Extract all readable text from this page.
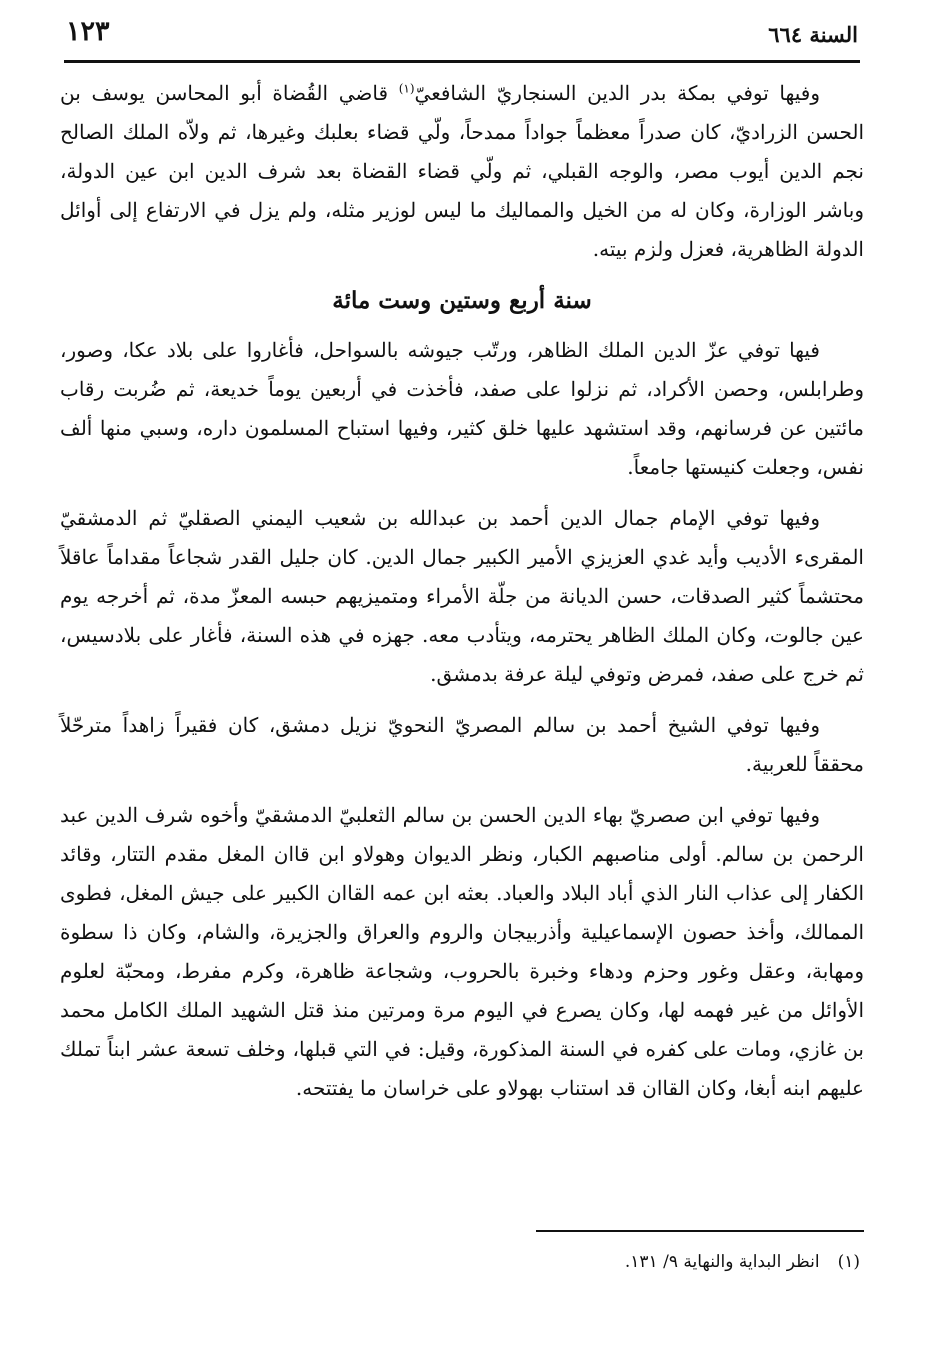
السنة ٦٦٤
١٢٣

وفيها توفي بمكة بدر الدين السنجاريّ الشافعيّ$^{(١)}$ قاضي القُضاة أبو المحاسن يوسف بن الحسن الزراديّ، كان صدراً معظماً جواداً ممدحاً، ولّي قضاء بعلبك وغيرها، ثم ولاّه الملك الصالح نجم الدين أيوب مصر، والوجه القبلي، ثم ولّي قضاء القضاة بعد شرف الدين ابن عين الدولة، وباشر الوزارة، وكان له من الخيل والمماليك ما ليس لوزير مثله، ولم يزل في الارتفاع إلى أوائل الدولة الظاهرية، فعزل ولزم بيته.

سنة أربع وستين وست مائة

فيها توفي عزّ الدين الملك الظاهر، ورتّب جيوشه بالسواحل، فأغاروا على بلاد عكا، وصور، وطرابلس، وحصن الأكراد، ثم نزلوا على صفد، فأخذت في أربعين يوماً خديعة، ثم ضُربت رقاب مائتين عن فرسانهم، وقد استشهد عليها خلق كثير، وفيها استباح المسلمون داره، وسبي منها ألف نفس، وجعلت كنيستها جامعاً.

وفيها توفي الإمام جمال الدين أحمد بن عبدالله بن شعيب اليمني الصقليّ ثم الدمشقيّ المقرىء الأديب وأيد غدي العزيزي الأمير الكبير جمال الدين. كان جليل القدر شجاعاً مقداماً عاقلاً محتشماً كثير الصدقات، حسن الديانة من جلّة الأمراء ومتميزيهم حبسه المعزّ مدة، ثم أخرجه يوم عين جالوت، وكان الملك الظاهر يحترمه، ويتأدب معه. جهزه في هذه السنة، فأغار على بلادسيس، ثم خرج على صفد، فمرض وتوفي ليلة عرفة بدمشق.

وفيها توفي الشيخ أحمد بن سالم المصريّ النحويّ نزيل دمشق، كان فقيراً زاهداً مترحّلاً محققاً للعربية.

وفيها توفي ابن صصريّ بهاء الدين الحسن بن سالم الثعلبيّ الدمشقيّ وأخوه شرف الدين عبد الرحمن بن سالم. أولى مناصبهم الكبار، ونظر الديوان وهولاو ابن قاان المغل مقدم التتار، وقائد الكفار إلى عذاب النار الذي أباد البلاد والعباد. بعثه ابن عمه القاان الكبير على جيش المغل، فطوى الممالك، وأخذ حصون الإسماعيلية وأذربيجان والروم والعراق والجزيرة، والشام، وكان ذا سطوة ومهابة، وعقل وغور وحزم ودهاء وخبرة بالحروب، وشجاعة ظاهرة، وكرم مفرط، ومحبّة لعلوم الأوائل من غير فهمه لها، وكان يصرع في اليوم مرة ومرتين منذ قتل الشهيد الملك الكامل محمد بن غازي، ومات على كفره في السنة المذكورة، وقيل: في التي قبلها، وخلف تسعة عشر ابناً تملك عليهم ابنه أبغا، وكان القاان قد استناب بهولاو على خراسان ما يفتتحه.

(١)انظر البداية والنهاية ٩/ ١٣١.
